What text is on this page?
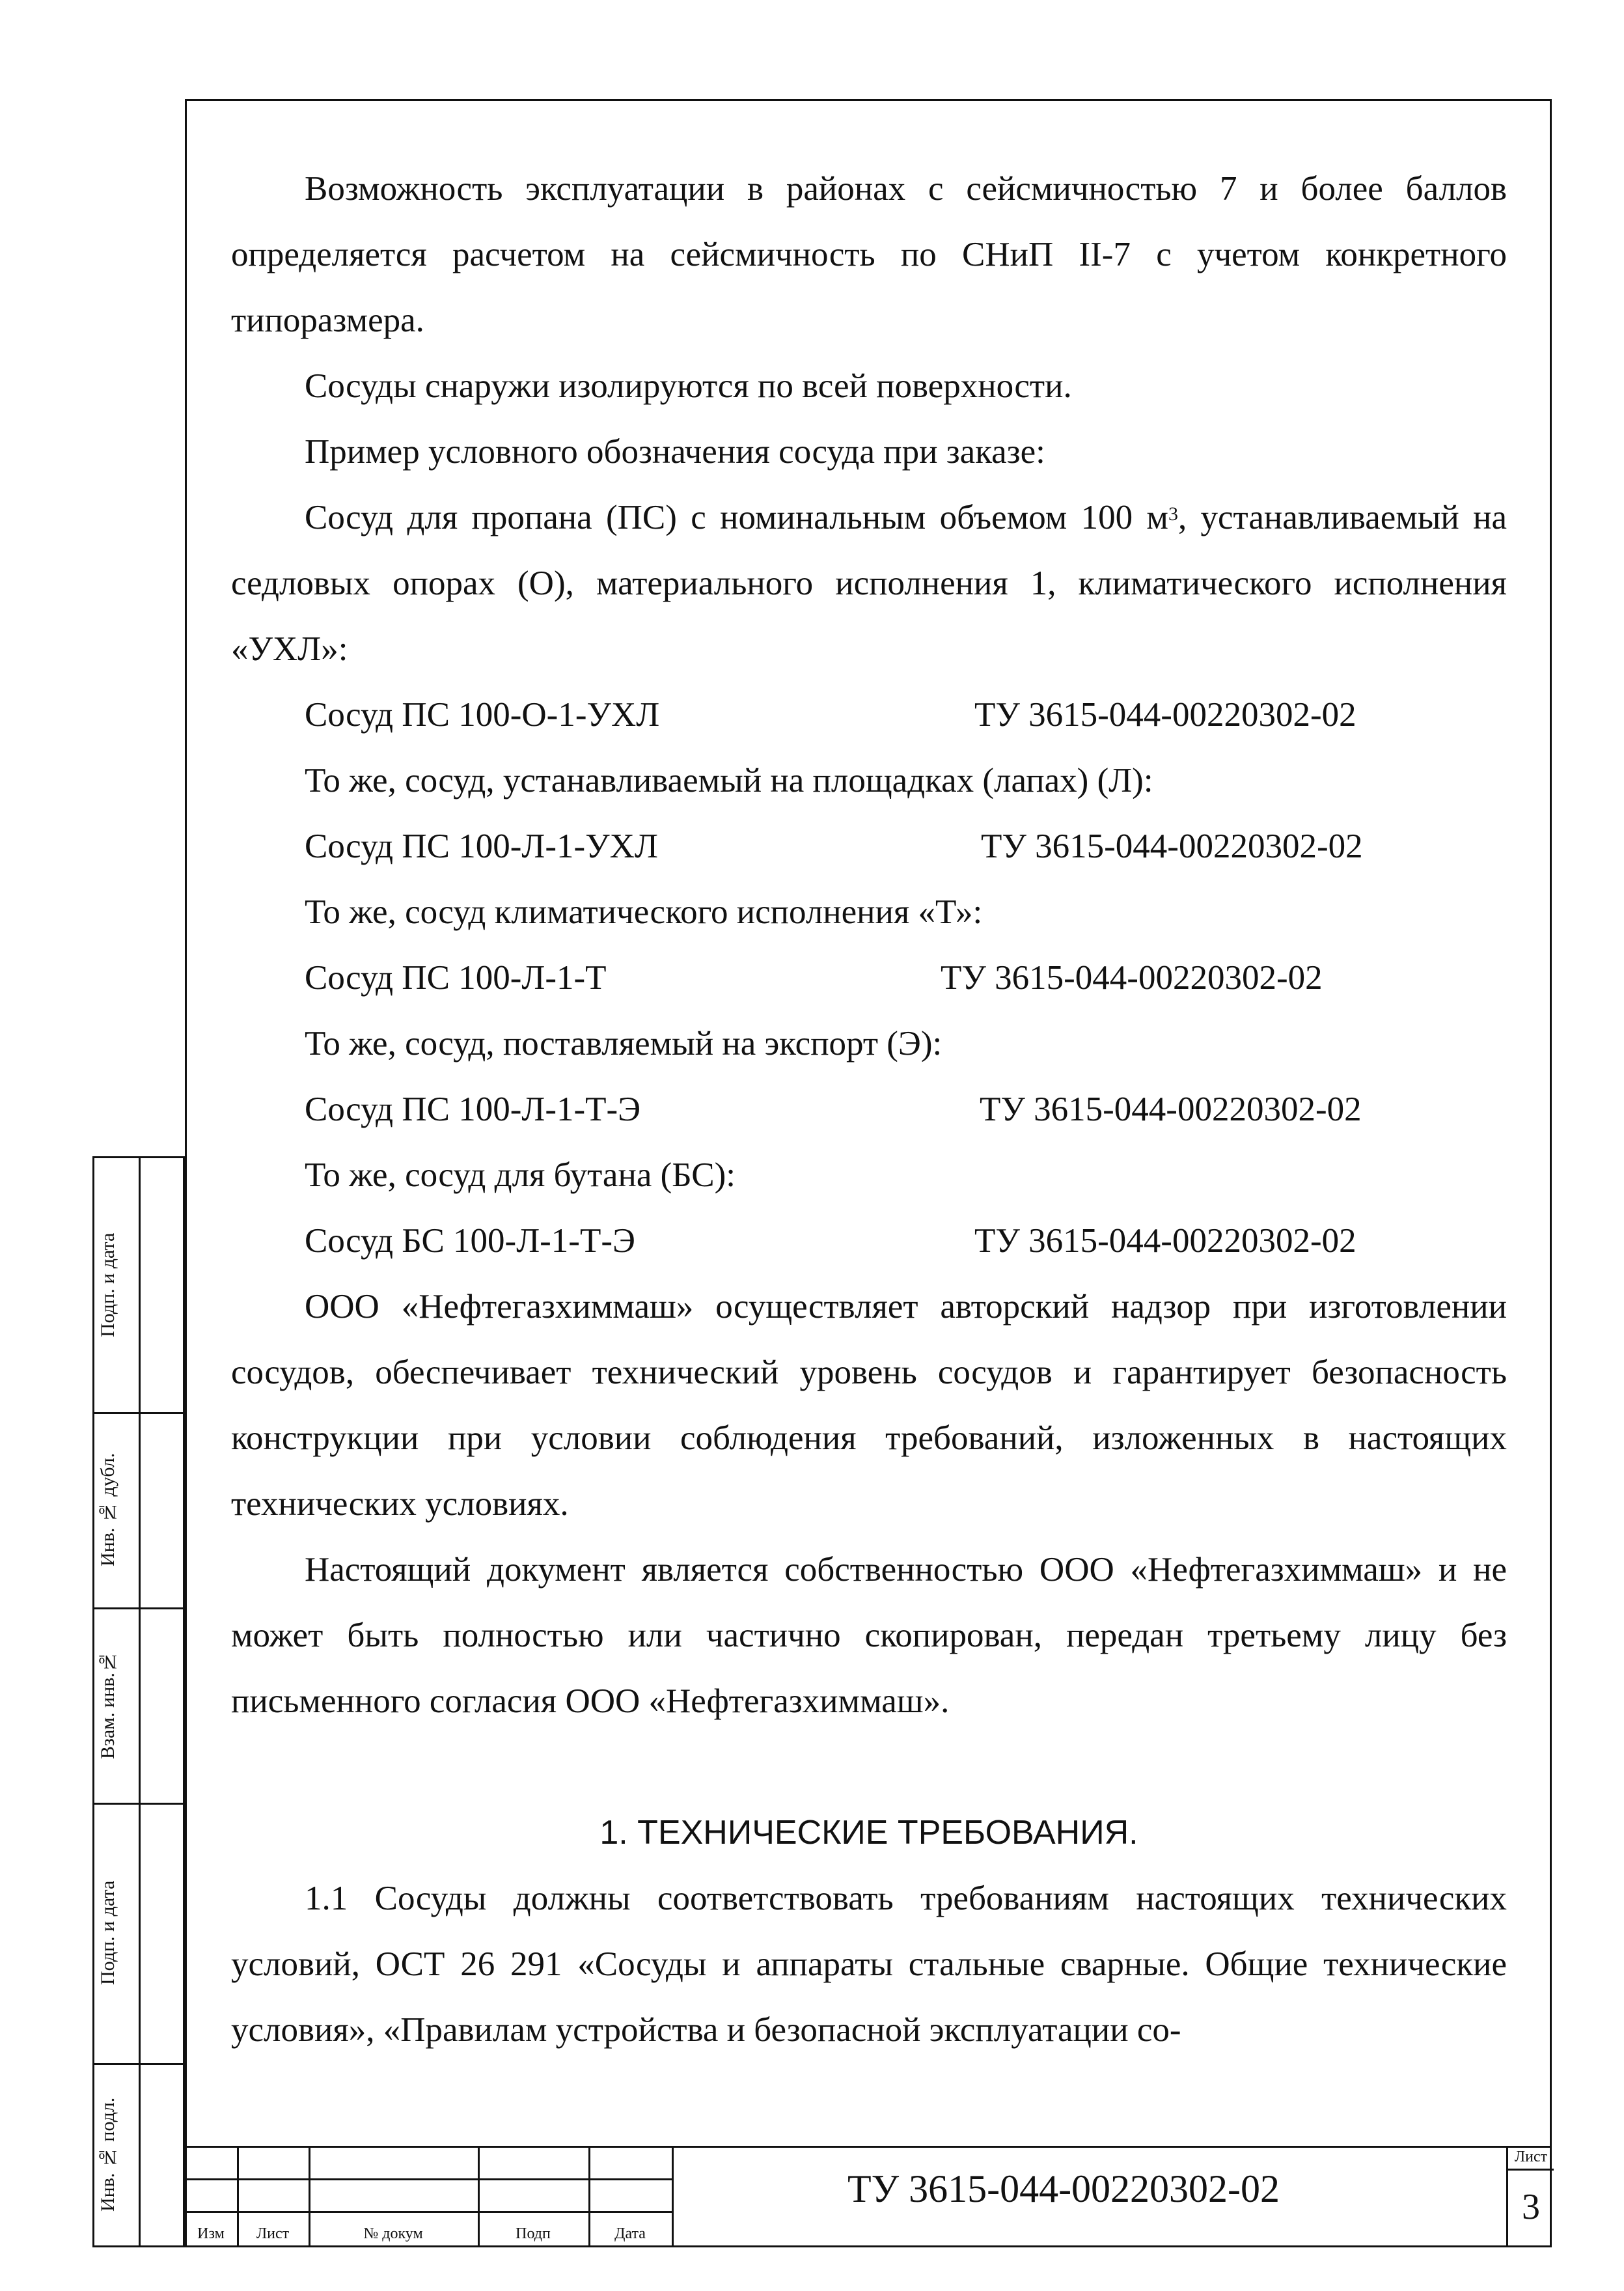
Возможность эксплуатации в районах с сейсмичностью 7 и более баллов определяется расчетом на сейсмичность по СНиП II-7 с учетом конкретного типоразмера.

Сосуды снаружи изолируются по всей поверхности.

Пример условного обозначения сосуда при заказе:

Сосуд для пропана (ПС) с номинальным объемом 100 $м^3$, устанавливаемый на седловых опорах (О), материального исполнения 1, климатического исполнения «УХЛ»:

Сосуд ПС 100-О-1-УХЛ	ТУ 3615-044-00220302-02

То же, сосуд, устанавливаемый на площадках (лапах) (Л):

Сосуд ПС 100-Л-1-УХЛ	ТУ 3615-044-00220302-02

То же, сосуд климатического исполнения «Т»:

Сосуд ПС 100-Л-1-Т	ТУ 3615-044-00220302-02

То же, сосуд, поставляемый на экспорт (Э):

Сосуд ПС 100-Л-1-Т-Э	ТУ 3615-044-00220302-02

То же, сосуд для бутана (БС):

Сосуд БС 100-Л-1-Т-Э	ТУ 3615-044-00220302-02

ООО «Нефтегазхиммаш» осуществляет авторский надзор при изготовлении сосудов, обеспечивает технический уровень сосудов и гарантирует безопасность конструкции при условии соблюдения требований, изложенных в настоящих технических условиях.

Настоящий документ является собственностью ООО «Нефтегазхиммаш» и не может быть полностью или частично скопирован, передан третьему лицу без письменного согласия ООО «Нефтегазхиммаш».

1. ТЕХНИЧЕСКИЕ ТРЕБОВАНИЯ.

1.1 Сосуды должны соответствовать требованиям настоящих технических условий, ОСТ 26 291 «Сосуды и аппараты стальные сварные. Общие технические условия», «Правилам устройства и безопасной эксплуатации со-

Подп. и дата
Инв. № дубл.
Взам. инв.№
Подп. и дата
Инв. № подл.
Изм	Лист	№ докум	Подп	Дата
ТУ 3615-044-00220302-02
Лист
3
